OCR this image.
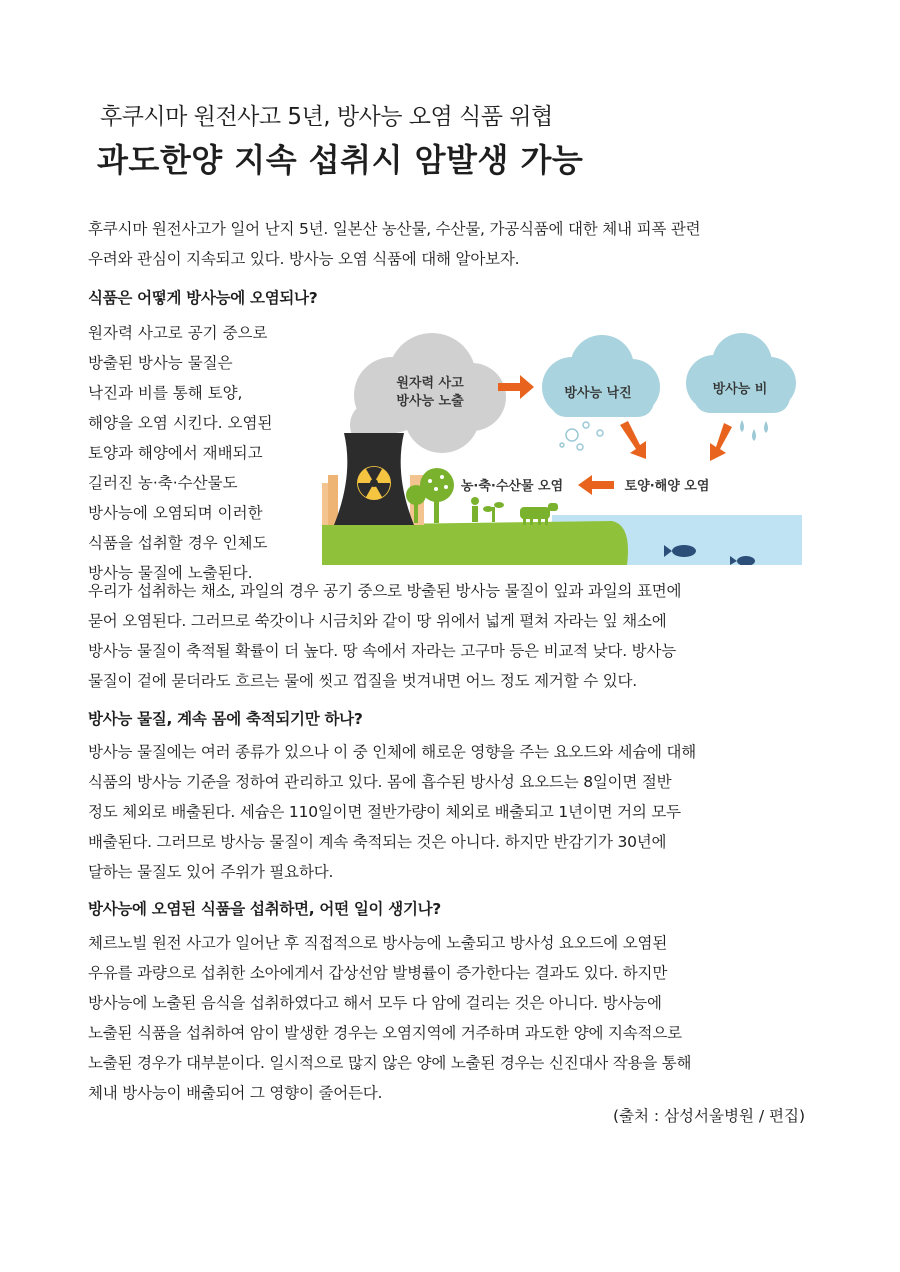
후쿠시마 원전사고 5년, 방사능 오염 식품 위협
과도한양 지속 섭취시 암발생 가능
후쿠시마 원전사고가 일어 난지 5년. 일본산 농산물, 수산물, 가공식품에 대한 체내 피폭 관련
우려와 관심이 지속되고 있다. 방사능 오염 식품에 대해 알아보자.
식품은 어떻게 방사능에 오염되나?
원자력 사고로 공기 중으로
방출된 방사능 물질은
낙진과 비를 통해 토양,
해양을 오염 시킨다. 오염된
토양과 해양에서 재배되고
길러진 농·축·수산물도
방사능에 오염되며 이러한
식품을 섭취할 경우 인체도
방사능 물질에 노출된다.
원자력 사고
방사능 노출
방사능 낙진	방사능 비
토양·해양 오염
농·축·수산물 오염
우리가 섭취하는 채소, 과일의 경우 공기 중으로 방출된 방사능 물질이 잎과 과일의 표면에
묻어 오염된다. 그러므로 쑥갓이나 시금치와 같이 땅 위에서 넓게 펼쳐 자라는 잎 채소에
방사능 물질이 축적될 확률이 더 높다. 땅 속에서 자라는 고구마 등은 비교적 낮다. 방사능
물질이 겉에 묻더라도 흐르는 물에 씻고 껍질을 벗겨내면 어느 정도 제거할 수 있다.
방사능 물질, 계속 몸에 축적되기만 하나?
방사능 물질에는 여러 종류가 있으나 이 중 인체에 해로운 영향을 주는 요오드와 세슘에 대해
식품의 방사능 기준을 정하여 관리하고 있다. 몸에 흡수된 방사성 요오드는 8일이면 절반
정도 체외로 배출된다. 세슘은 110일이면 절반가량이 체외로 배출되고 1년이면 거의 모두
배출된다. 그러므로 방사능 물질이 계속 축적되는 것은 아니다. 하지만 반감기가 30년에
달하는 물질도 있어 주위가 필요하다.
방사능에 오염된 식품을 섭취하면, 어떤 일이 생기나?
체르노빌 원전 사고가 일어난 후 직접적으로 방사능에 노출되고 방사성 요오드에 오염된
우유를 과량으로 섭취한 소아에게서 갑상선암 발병률이 증가한다는 결과도 있다. 하지만
방사능에 노출된 음식을 섭취하였다고 해서 모두 다 암에 걸리는 것은 아니다. 방사능에
노출된 식품을 섭취하여 암이 발생한 경우는 오염지역에 거주하며 과도한 양에 지속적으로
노출된 경우가 대부분이다. 일시적으로 많지 않은 양에 노출된 경우는 신진대사 작용을 통해
체내 방사능이 배출되어 그 영향이 줄어든다.
(출처 : 삼성서울병원 / 편집)
